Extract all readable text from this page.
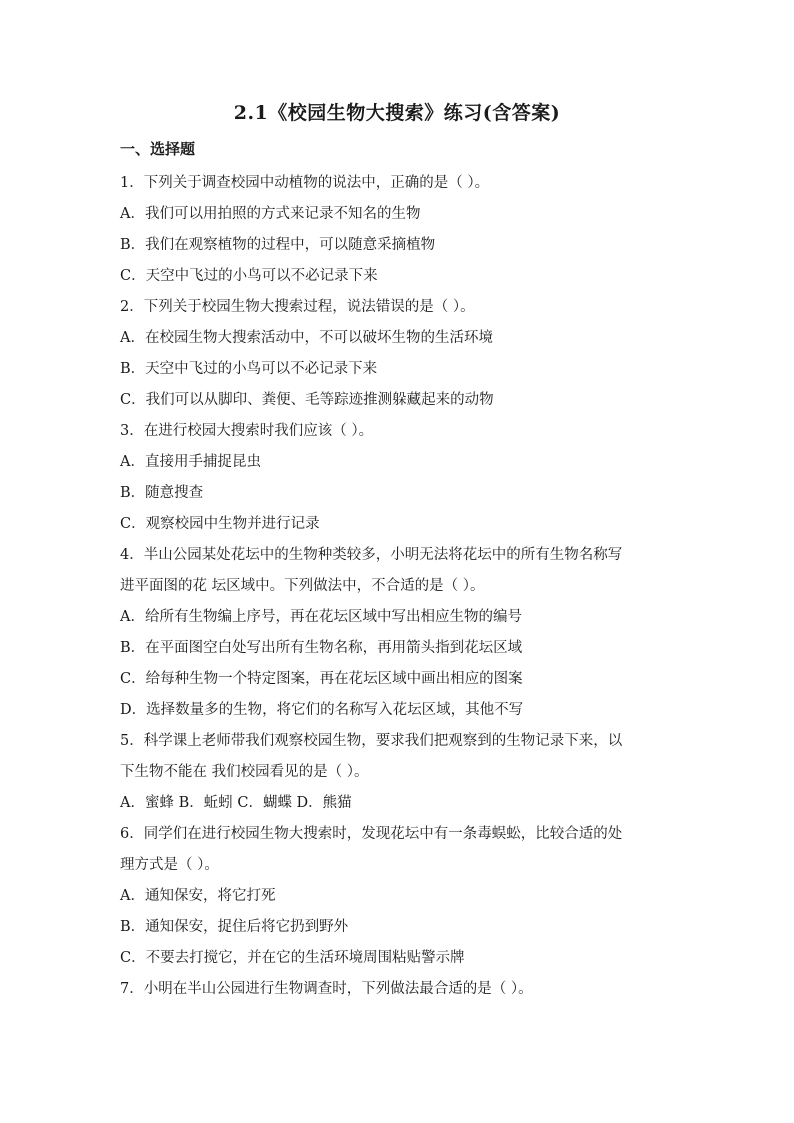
2.1《校园生物大搜索》练习(含答案)
一、选择题
1．下列关于调查校园中动植物的说法中，正确的是（ ）。
A．我们可以用拍照的方式来记录不知名的生物
B．我们在观察植物的过程中，可以随意采摘植物
C．天空中飞过的小鸟可以不必记录下来
2．下列关于校园生物大搜索过程，说法错误的是（ ）。
A．在校园生物大搜索活动中，不可以破坏生物的生活环境
B．天空中飞过的小鸟可以不必记录下来
C．我们可以从脚印、粪便、毛等踪迹推测躲藏起来的动物
3．在进行校园大搜索时我们应该（ ）。
A．直接用手捕捉昆虫
B．随意搜查
C．观察校园中生物并进行记录
4．半山公园某处花坛中的生物种类较多，小明无法将花坛中的所有生物名称写
进平面图的花 坛区域中。下列做法中，不合适的是（ ）。
A．给所有生物编上序号，再在花坛区域中写出相应生物的编号
B．在平面图空白处写出所有生物名称，再用箭头指到花坛区域
C．给每种生物一个特定图案，再在花坛区域中画出相应的图案
D．选择数量多的生物，将它们的名称写入花坛区域，其他不写
5．科学课上老师带我们观察校园生物，要求我们把观察到的生物记录下来，以
下生物不能在 我们校园看见的是（ ）。
A．蜜蜂 B．蚯蚓 C．蝴蝶 D．熊猫
6．同学们在进行校园生物大搜索时，发现花坛中有一条毒蜈蚣，比较合适的处
理方式是（ ）。
A．通知保安，将它打死
B．通知保安，捉住后将它扔到野外
C．不要去打搅它，并在它的生活环境周围粘贴警示牌
7．小明在半山公园进行生物调查时，下列做法最合适的是（ ）。
